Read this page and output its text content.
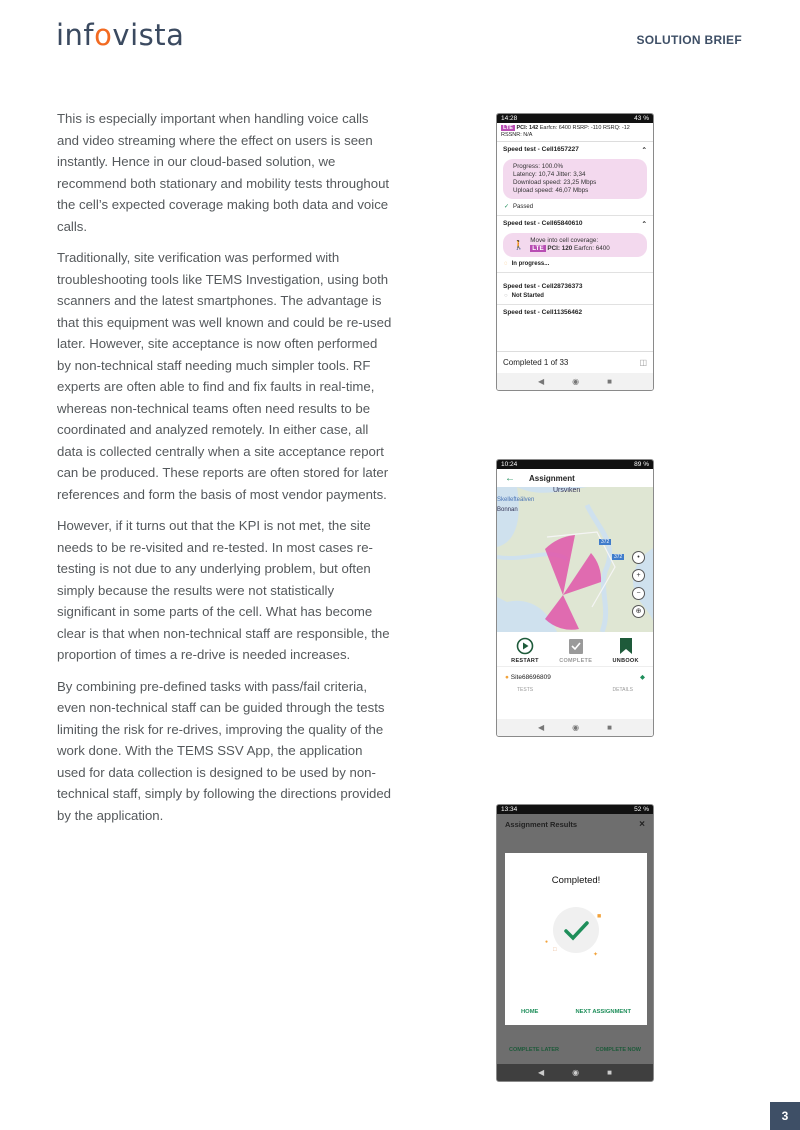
infovista	SOLUTION BRIEF

This is especially important when handling voice calls and video streaming where the effect on users is seen instantly. Hence in our cloud-based solution, we recommend both stationary and mobility tests throughout the cell’s expected coverage making both data and voice calls.

Traditionally, site verification was performed with troubleshooting tools like TEMS Investigation, using both scanners and the latest smartphones. The advantage is that this equipment was well known and could be re-used later. However, site acceptance is now often performed by non-technical staff needing much simpler tools. RF experts are often able to find and fix faults in real-time, whereas non-technical teams often need results to be coordinated and analyzed remotely. In either case, all data is collected centrally when a site acceptance report can be produced. These reports are often stored for later references and form the basis of most vendor payments.

However, if it turns out that the KPI is not met, the site needs to be re-visited and re-tested. In most cases re-testing is not due to any underlying problem, but often simply because the results were not statistically significant in some parts of the cell. What has become clear is that when non-technical staff are responsible, the proportion of times a re-drive is needed increases.

By combining pre-defined tasks with pass/fail criteria, even non-technical staff can be guided through the tests limiting the risk for re-drives, improving the quality of the work done. With the TEMS SSV App, the application used for data collection is designed to be used by non-technical staff, simply by following the directions provided by the application.

14:28	43 %
LTE PCI: 142 Earfcn: 6400 RSRP: -110 RSRQ: -12
RSSNR: N/A
Speed test - Cell1657227	⌃
Progress: 100.0%
Latency: 10,74 Jitter: 3,34
Download speed: 23,25 Mbps
Upload speed: 46,07 Mbps
✓ Passed
Speed test - Cell65840610	⌃
🚶 Move into cell coverage:
LTE PCI: 120 Earfcn: 6400
◌ In progress...
Speed test - Cell28736373
○ Not Started
Speed test - Cell11356462
Completed 1 of 33	◫
◀	◉	■
10:24	89 %
← Assignment
Ursviken
Skellefteälven
Bonnan
372
372	•
+
−
⊕
RESTART	COMPLETE	UNBOOK
● Site68696809	◆
TESTS	DETAILS
◀	◉	■
13:34	52 %
Assignment Results	×
Completed!
■
●
✦
□
HOME	NEXT ASSIGNMENT
COMPLETE LATER	COMPLETE NOW
◀	◉	■
3
